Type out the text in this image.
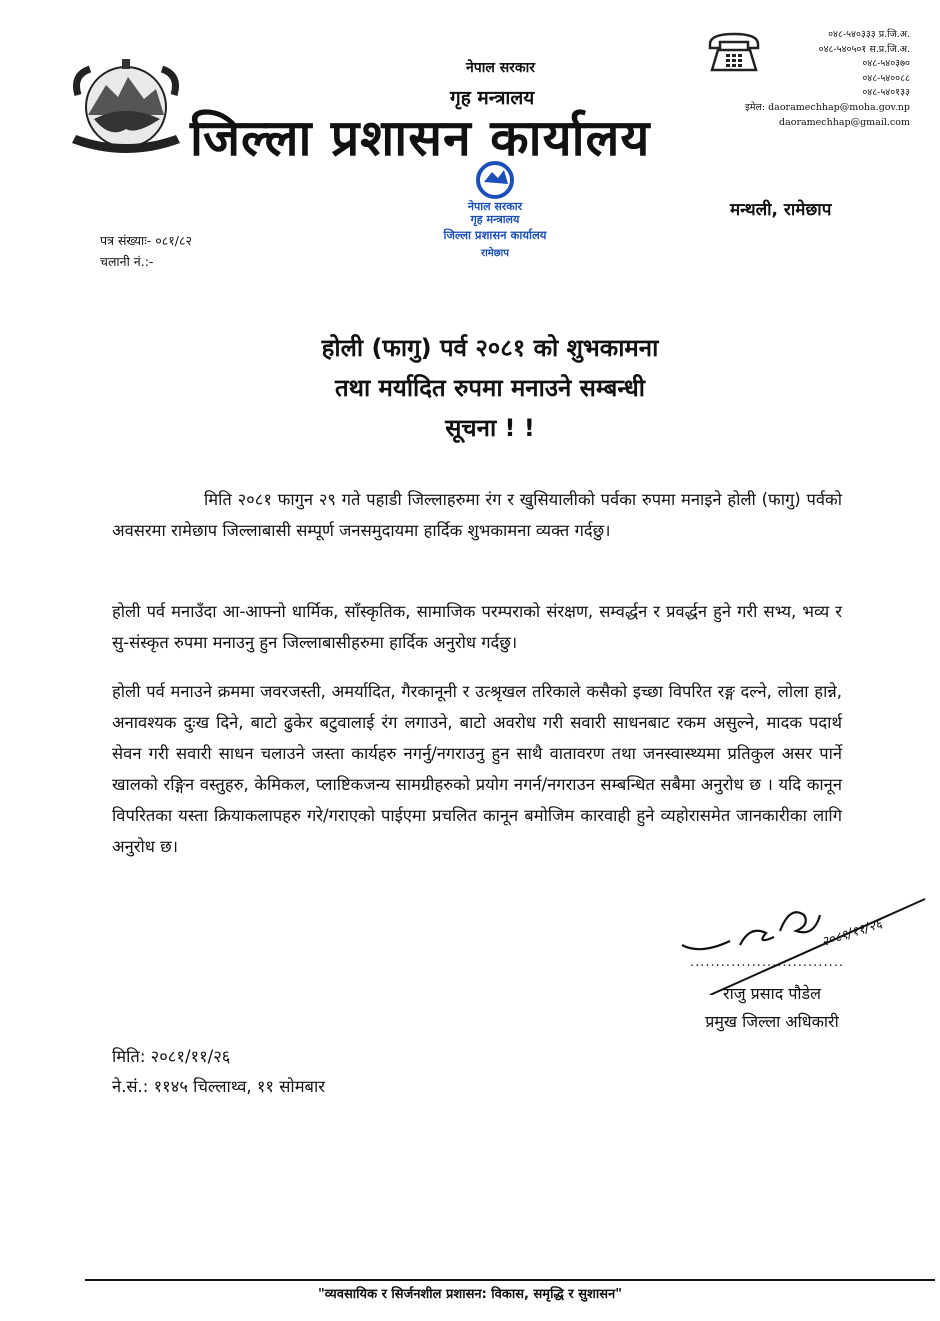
नेपाल सरकार
गृह मन्त्रालय
जिल्ला प्रशासन कार्यालय
०४८-५४०३३३ प्र.जि.अ.
०४८-५४०५०१ स.प्र.जि.अ.
०४८-५४०३७०
०४८-५४००८८
०४८-५४०१३३
इमेल: daoramechhap@moha.gov.np
daoramechhap@gmail.com
मन्थली, रामेछाप
पत्र संख्याः- ०८१/८२
चलानी नं.:-
नेपाल सरकार
गृह मन्त्रालय
जिल्ला प्रशासन कार्यालय
रामेछाप
होली (फागु) पर्व २०८१ को शुभकामना
तथा मर्यादित रुपमा मनाउने सम्बन्धी
सूचना ! !
मिति २०८१ फागुन २९ गते पहाडी जिल्लाहरुमा रंग र खुसियालीको पर्वका रुपमा मनाइने होली (फागु) पर्वको अवसरमा रामेछाप जिल्लाबासी सम्पूर्ण जनसमुदायमा हार्दिक शुभकामना व्यक्त गर्दछु।
होली पर्व मनाउँदा आ-आफ्नो धार्मिक, साँस्कृतिक, सामाजिक परम्पराको संरक्षण, सम्वर्द्धन र प्रवर्द्धन हुने गरी सभ्य, भव्य र सु-संस्कृत रुपमा मनाउनु हुन जिल्लाबासीहरुमा हार्दिक अनुरोध गर्दछु।
होली पर्व मनाउने क्रममा जवरजस्ती, अमर्यादित, गैरकानूनी र उत्श्रृखल तरिकाले कसैको इच्छा विपरित रङ्ग दल्ने, लोला हान्ने, अनावश्यक दुःख दिने, बाटो ढुकेर बटुवालाई रंग लगाउने, बाटो अवरोध गरी सवारी साधनबाट रकम असुल्ने, मादक पदार्थ सेवन गरी सवारी साधन चलाउने जस्ता कार्यहरु नगर्नु/नगराउनु हुन साथै वातावरण तथा जनस्वास्थ्यमा प्रतिकुल असर पार्ने खालको रङ्गिन वस्तुहरु, केमिकल, प्लाष्टिकजन्य सामग्रीहरुको प्रयोग नगर्न/नगराउन सम्बन्धित सबैमा अनुरोध छ । यदि कानून विपरितका यस्ता क्रियाकलापहरु गरे/गराएको पाईएमा प्रचलित कानून बमोजिम कारवाही हुने व्यहोरासमेत जानकारीका लागि अनुरोध छ।
२०८१/११/२६
..............................
राजु प्रसाद पौडेल
प्रमुख जिल्ला अधिकारी
मिति: २०८१/११/२६
ने.सं.: ११४५ चिल्लाथ्व, ११ सोमबार
"व्यवसायिक र सिर्जनशील प्रशासन: विकास, समृद्धि र सुशासन"
